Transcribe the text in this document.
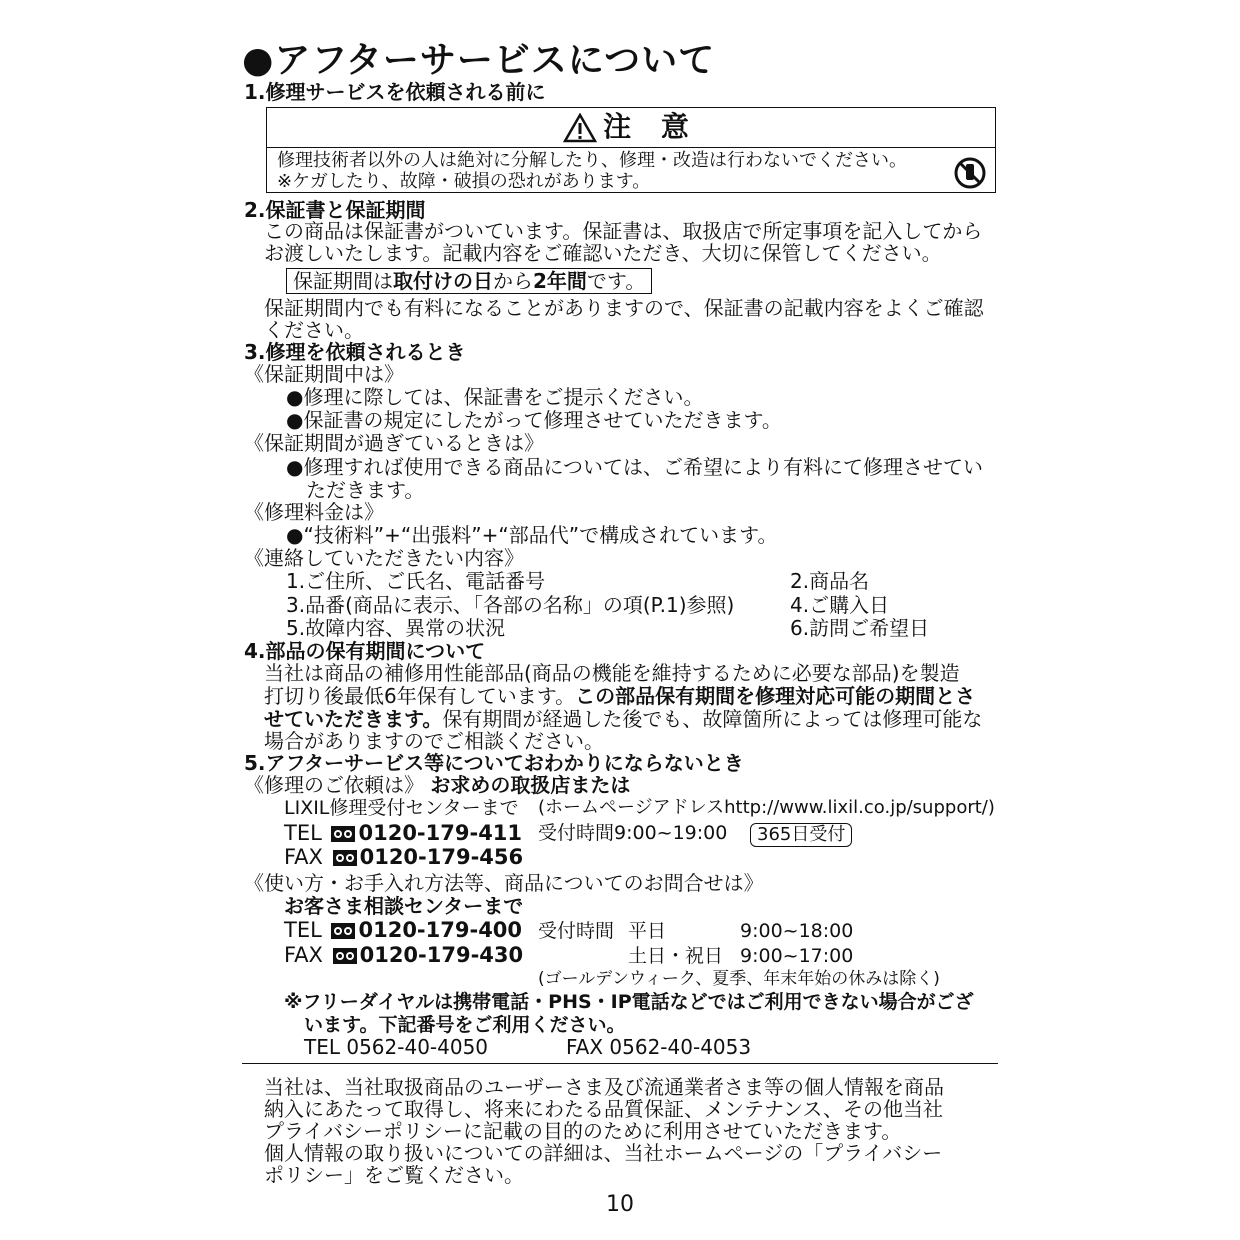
●アフターサービスについて
1.修理サービスを依頼される前に
注 意
修理技術者以外の人は絶対に分解したり、修理・改造は行わないでください。
※ケガしたり、故障・破損の恐れがあります。
2.保証書と保証期間
この商品は保証書がついています。保証書は、取扱店で所定事項を記入してから
お渡しいたします。記載内容をご確認いただき、大切に保管してください。
保証期間は取付けの日から2年間です。
保証期間内でも有料になることがありますので、保証書の記載内容をよくご確認
ください。
3.修理を依頼されるとき
《保証期間中は》
●修理に際しては、保証書をご提示ください。
●保証書の規定にしたがって修理させていただきます。
《保証期間が過ぎているときは》
●修理すれば使用できる商品については、ご希望により有料にて修理させてい
ただきます。
《修理料金は》
●“技術料”+“出張料”+“部品代”で構成されています。
《連絡していただきたい内容》
1.ご住所、ご氏名、電話番号	2.商品名
3.品番(商品に表示、「各部の名称」の項(P.1)参照)	4.ご購入日
5.故障内容、異常の状況	6.訪問ご希望日
4.部品の保有期間について
当社は商品の補修用性能部品(商品の機能を維持するために必要な部品)を製造
打切り後最低6年保有しています。この部品保有期間を修理対応可能の期間とさ
せていただきます。保有期間が経過した後でも、故障箇所によっては修理可能な
場合がありますのでご相談ください。
5.アフターサービス等についておわかりにならないとき
《修理のご依頼は》 お求めの取扱店または
LIXIL修理受付センターまで (ホームページアドレスhttp://www.lixil.co.jp/support/)
TEL 0120-179-411 受付時間9:00~19:00	365日受付
FAX 0120-179-456
《使い方・お手入れ方法等、商品についてのお問合せは》
お客さま相談センターまで
TEL 0120-179-400 受付時間 平日	9:00~18:00
FAX 0120-179-430	土日・祝日 9:00~17:00
(ゴールデンウィーク、夏季、年末年始の休みは除く)
※フリーダイヤルは携帯電話・PHS・IP電話などではご利用できない場合がござ
います。下記番号をご利用ください。
TEL 0562-40-4050	FAX 0562-40-4053
当社は、当社取扱商品のユーザーさま及び流通業者さま等の個人情報を商品
納入にあたって取得し、将来にわたる品質保証、メンテナンス、その他当社
プライバシーポリシーに記載の目的のために利用させていただきます。
個人情報の取り扱いについての詳細は、当社ホームページの「プライバシー
ポリシー」をご覧ください。
10
